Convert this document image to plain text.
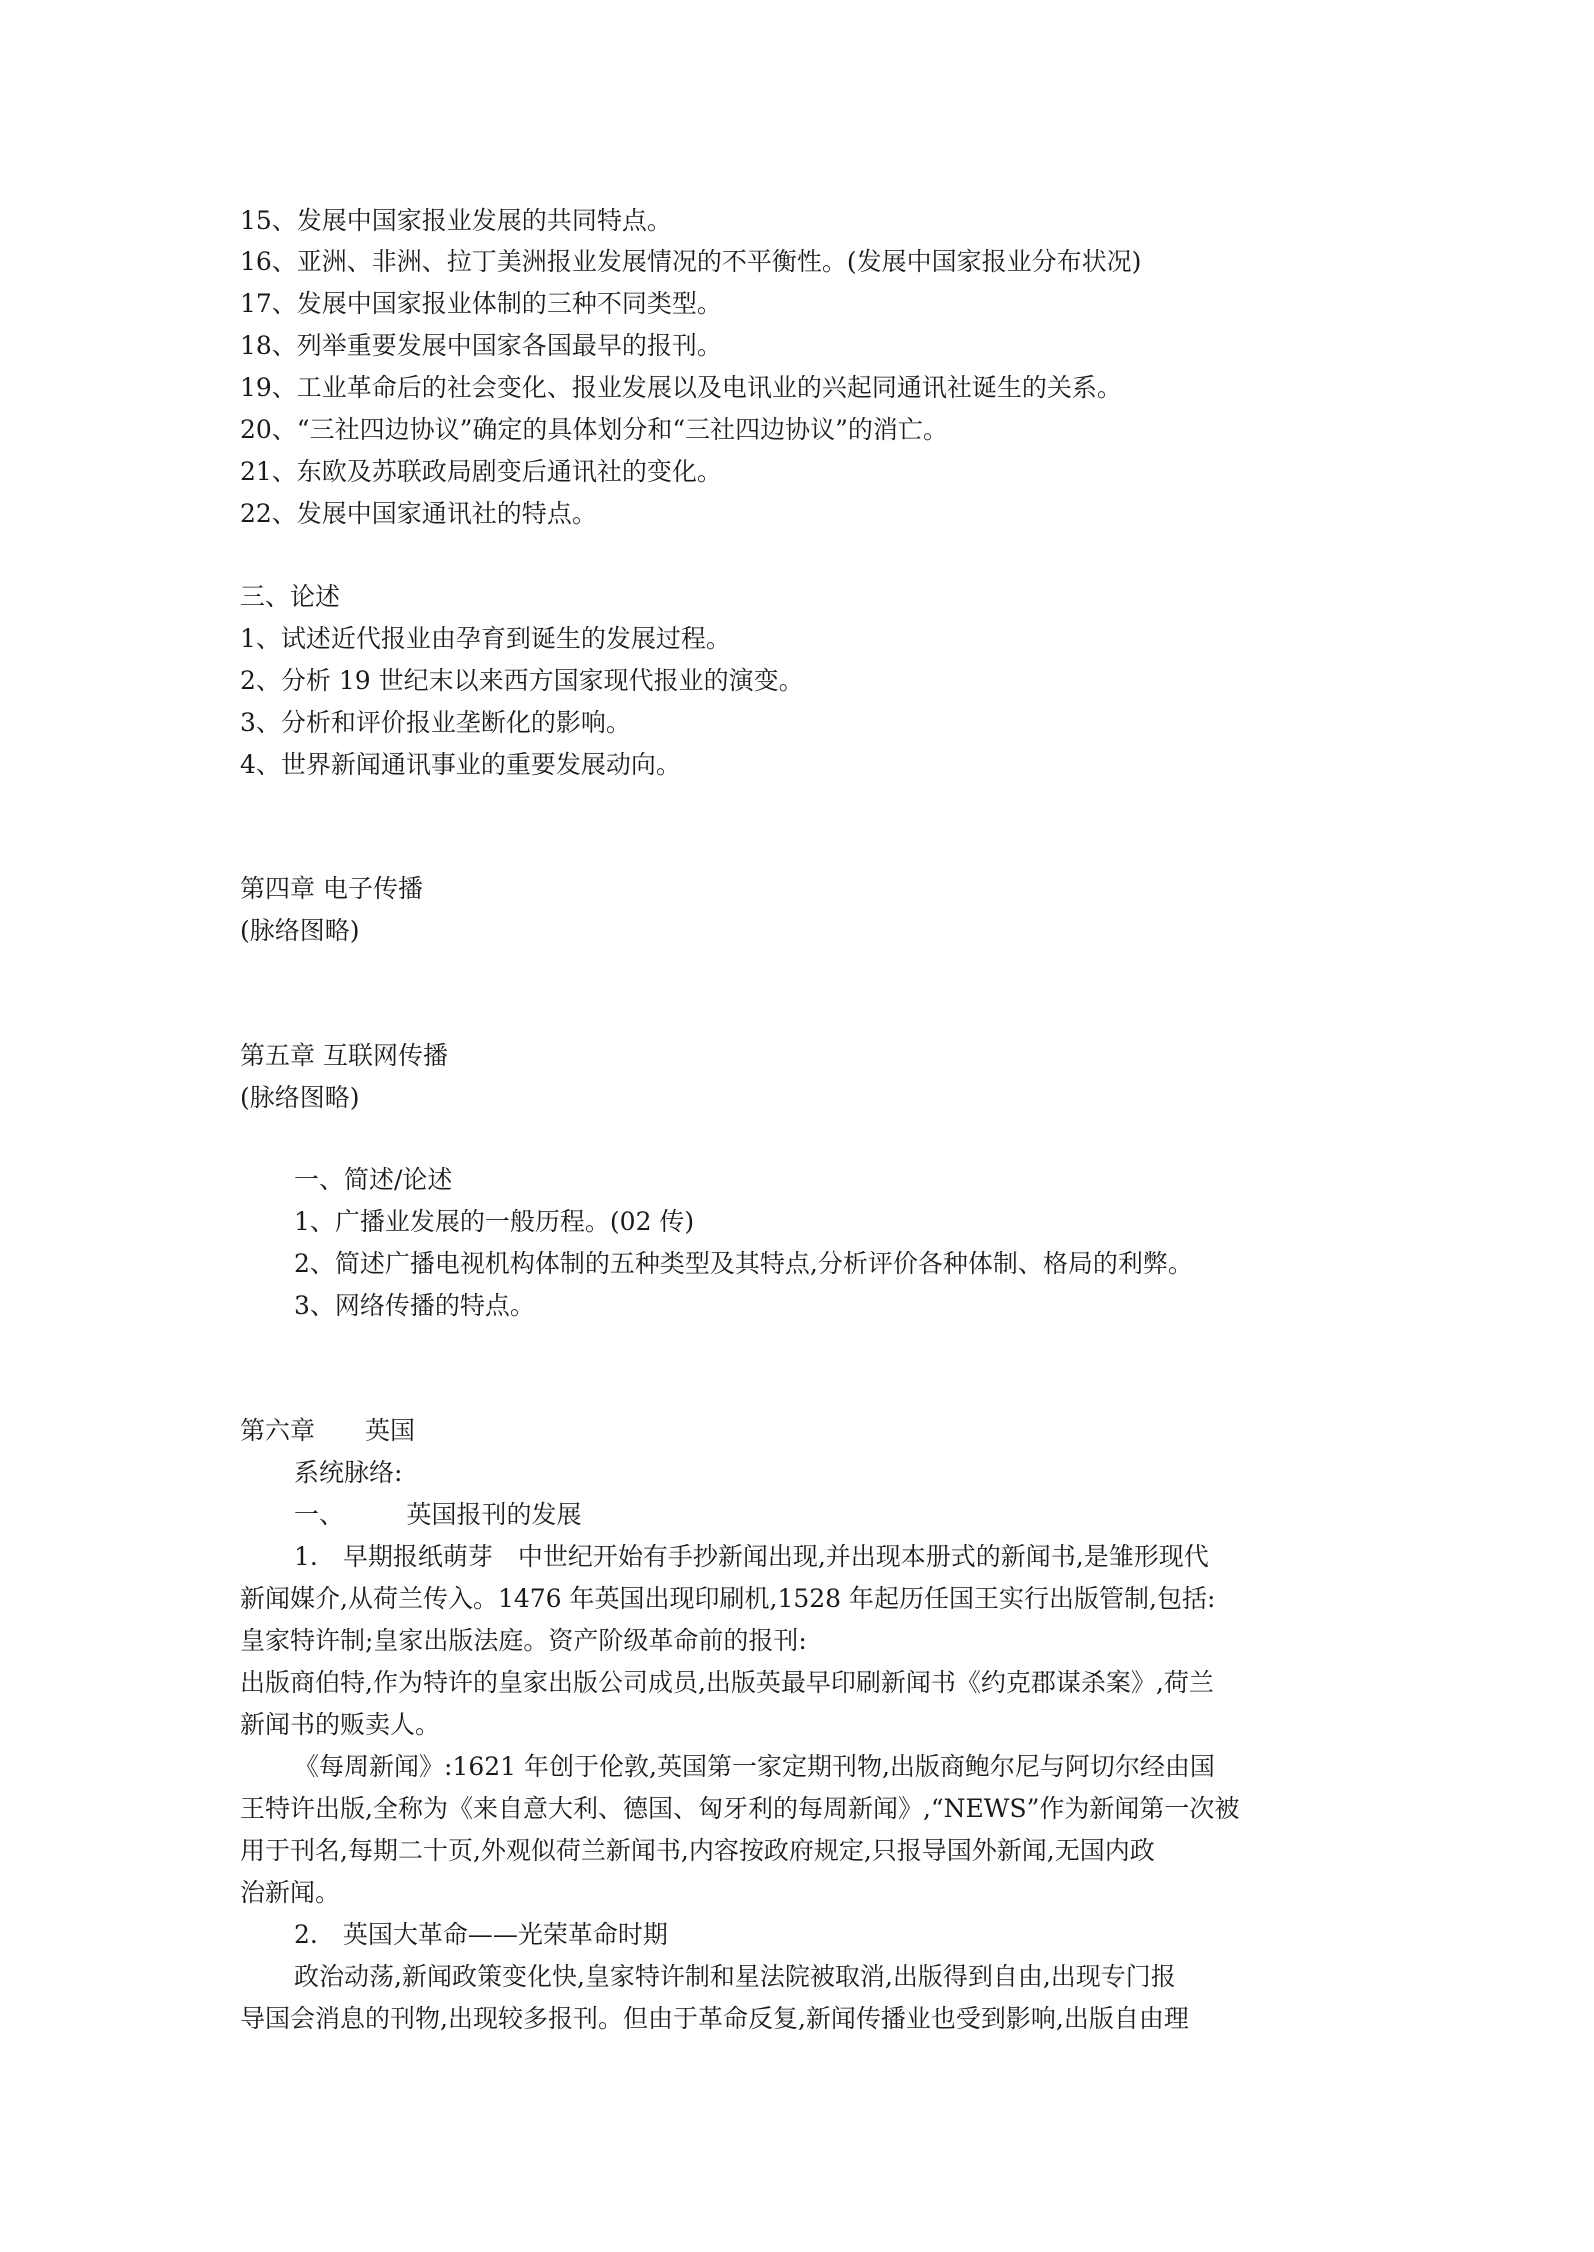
15、发展中国家报业发展的共同特点。
16、亚洲、非洲、拉丁美洲报业发展情况的不平衡性。(发展中国家报业分布状况)
17、发展中国家报业体制的三种不同类型。
18、列举重要发展中国家各国最早的报刊。
19、工业革命后的社会变化、报业发展以及电讯业的兴起同通讯社诞生的关系。
20、“三社四边协议”确定的具体划分和“三社四边协议”的消亡。
21、东欧及苏联政局剧变后通讯社的变化。
22、发展中国家通讯社的特点。
三、论述
1、试述近代报业由孕育到诞生的发展过程。
2、分析 19 世纪末以来西方国家现代报业的演变。
3、分析和评价报业垄断化的影响。
4、世界新闻通讯事业的重要发展动向。
第四章 电子传播
(脉络图略)
第五章 互联网传播
(脉络图略)
一、简述/论述
1、广播业发展的一般历程。(02 传)
2、简述广播电视机构体制的五种类型及其特点,分析评价各种体制、格局的利弊。
3、网络传播的特点。
第六章　　英国
系统脉络:
一、　　　英国报刊的发展
1.　早期报纸萌芽　中世纪开始有手抄新闻出现,并出现本册式的新闻书,是雏形现代
新闻媒介,从荷兰传入。1476 年英国出现印刷机,1528 年起历任国王实行出版管制,包括:
皇家特许制;皇家出版法庭。资产阶级革命前的报刊:
出版商伯特,作为特许的皇家出版公司成员,出版英最早印刷新闻书《约克郡谋杀案》,荷兰
新闻书的贩卖人。
《每周新闻》:1621 年创于伦敦,英国第一家定期刊物,出版商鲍尔尼与阿切尔经由国
王特许出版,全称为《来自意大利、德国、匈牙利的每周新闻》,“NEWS”作为新闻第一次被
用于刊名,每期二十页,外观似荷兰新闻书,内容按政府规定,只报导国外新闻,无国内政
治新闻。
2.　英国大革命——光荣革命时期
政治动荡,新闻政策变化快,皇家特许制和星法院被取消,出版得到自由,出现专门报
导国会消息的刊物,出现较多报刊。但由于革命反复,新闻传播业也受到影响,出版自由理
